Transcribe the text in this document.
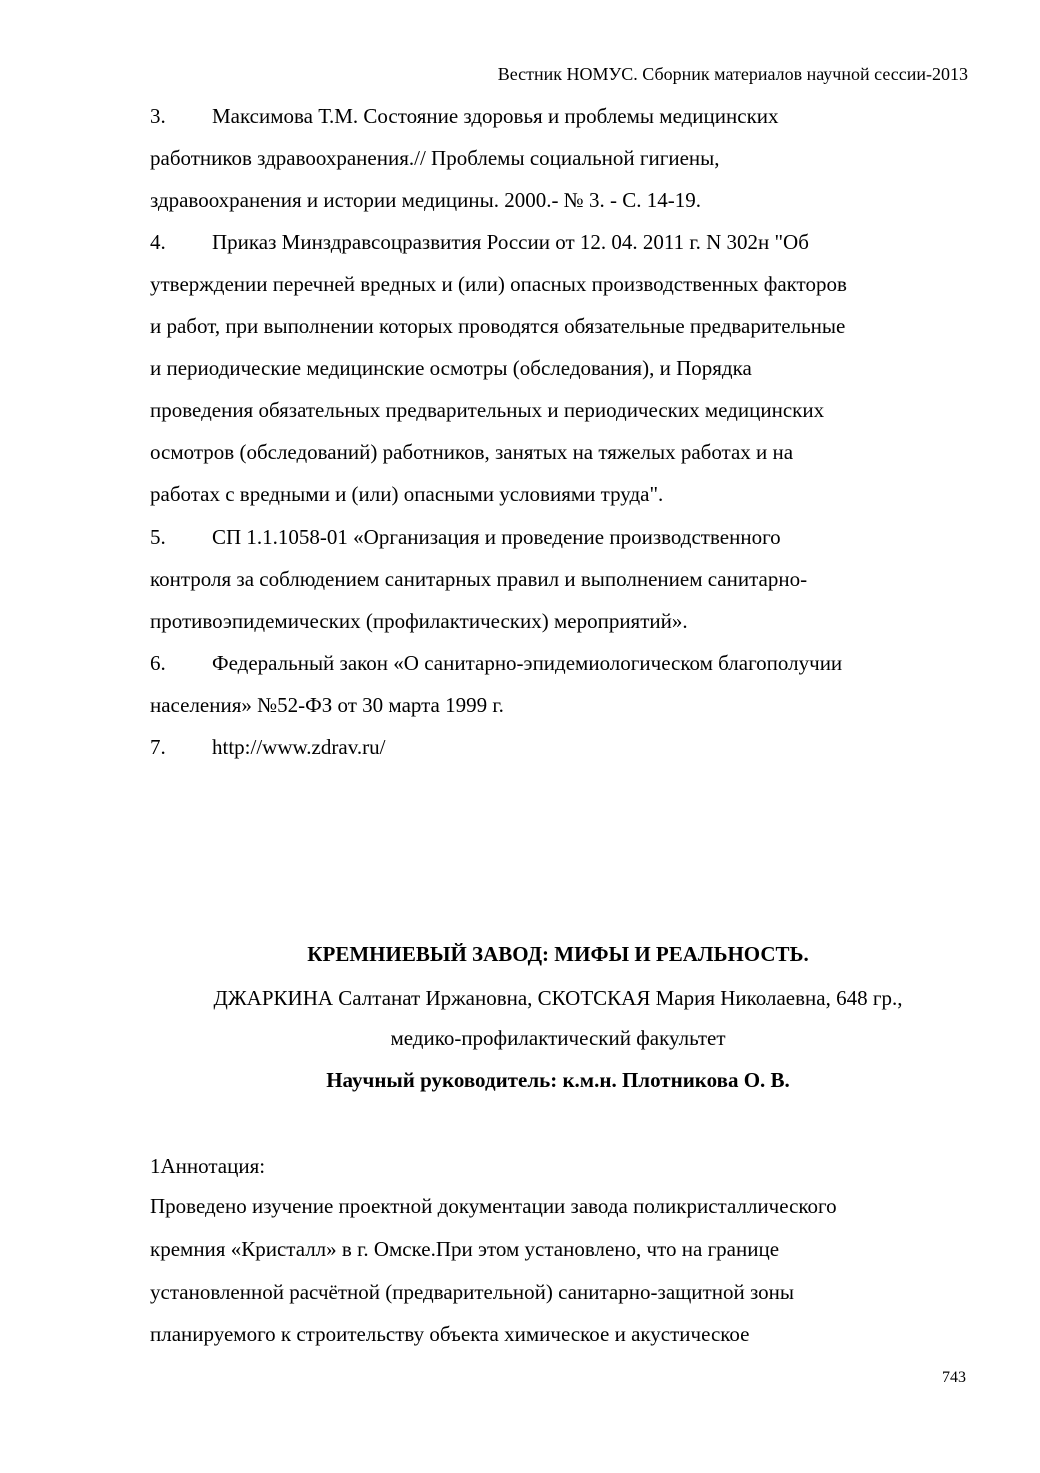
Вестник НОМУС. Сборник материалов научной сессии-2013
3. Максимова Т.М. Состояние здоровья и проблемы медицинских
работников здравоохранения.// Проблемы социальной гигиены,
здравоохранения и истории медицины. 2000.- № 3. - С. 14-19.
4. Приказ Минздравсоцразвития России от 12. 04. 2011 г. N 302н "Об
утверждении перечней вредных и (или) опасных производственных факторов
и работ, при выполнении которых проводятся обязательные предварительные
и периодические медицинские осмотры (обследования), и Порядка
проведения обязательных предварительных и периодических медицинских
осмотров (обследований) работников, занятых на тяжелых работах и на
работах с вредными и (или) опасными условиями труда".
5. СП 1.1.1058-01 «Организация и проведение производственного
контроля за соблюдением санитарных правил и выполнением санитарно-
противоэпидемических (профилактических) мероприятий».
6. Федеральный закон «О санитарно-эпидемиологическом благополучии
населения» №52-ФЗ от 30 марта 1999 г.
7. http://www.zdrav.ru/
КРЕМНИЕВЫЙ ЗАВОД: МИФЫ И РЕАЛЬНОСТЬ.
ДЖАРКИНА Салтанат Иржановна, СКОТСКАЯ Мария Николаевна, 648 гр.,
медико-профилактический факультет
Научный руководитель: к.м.н. Плотникова О. В.
1Аннотация:
Проведено изучение проектной документации завода поликристаллического
кремния «Кристалл» в г. Омске.При этом установлено, что на границе
установленной расчётной (предварительной) санитарно-защитной зоны
планируемого к строительству объекта химическое и акустическое
743
